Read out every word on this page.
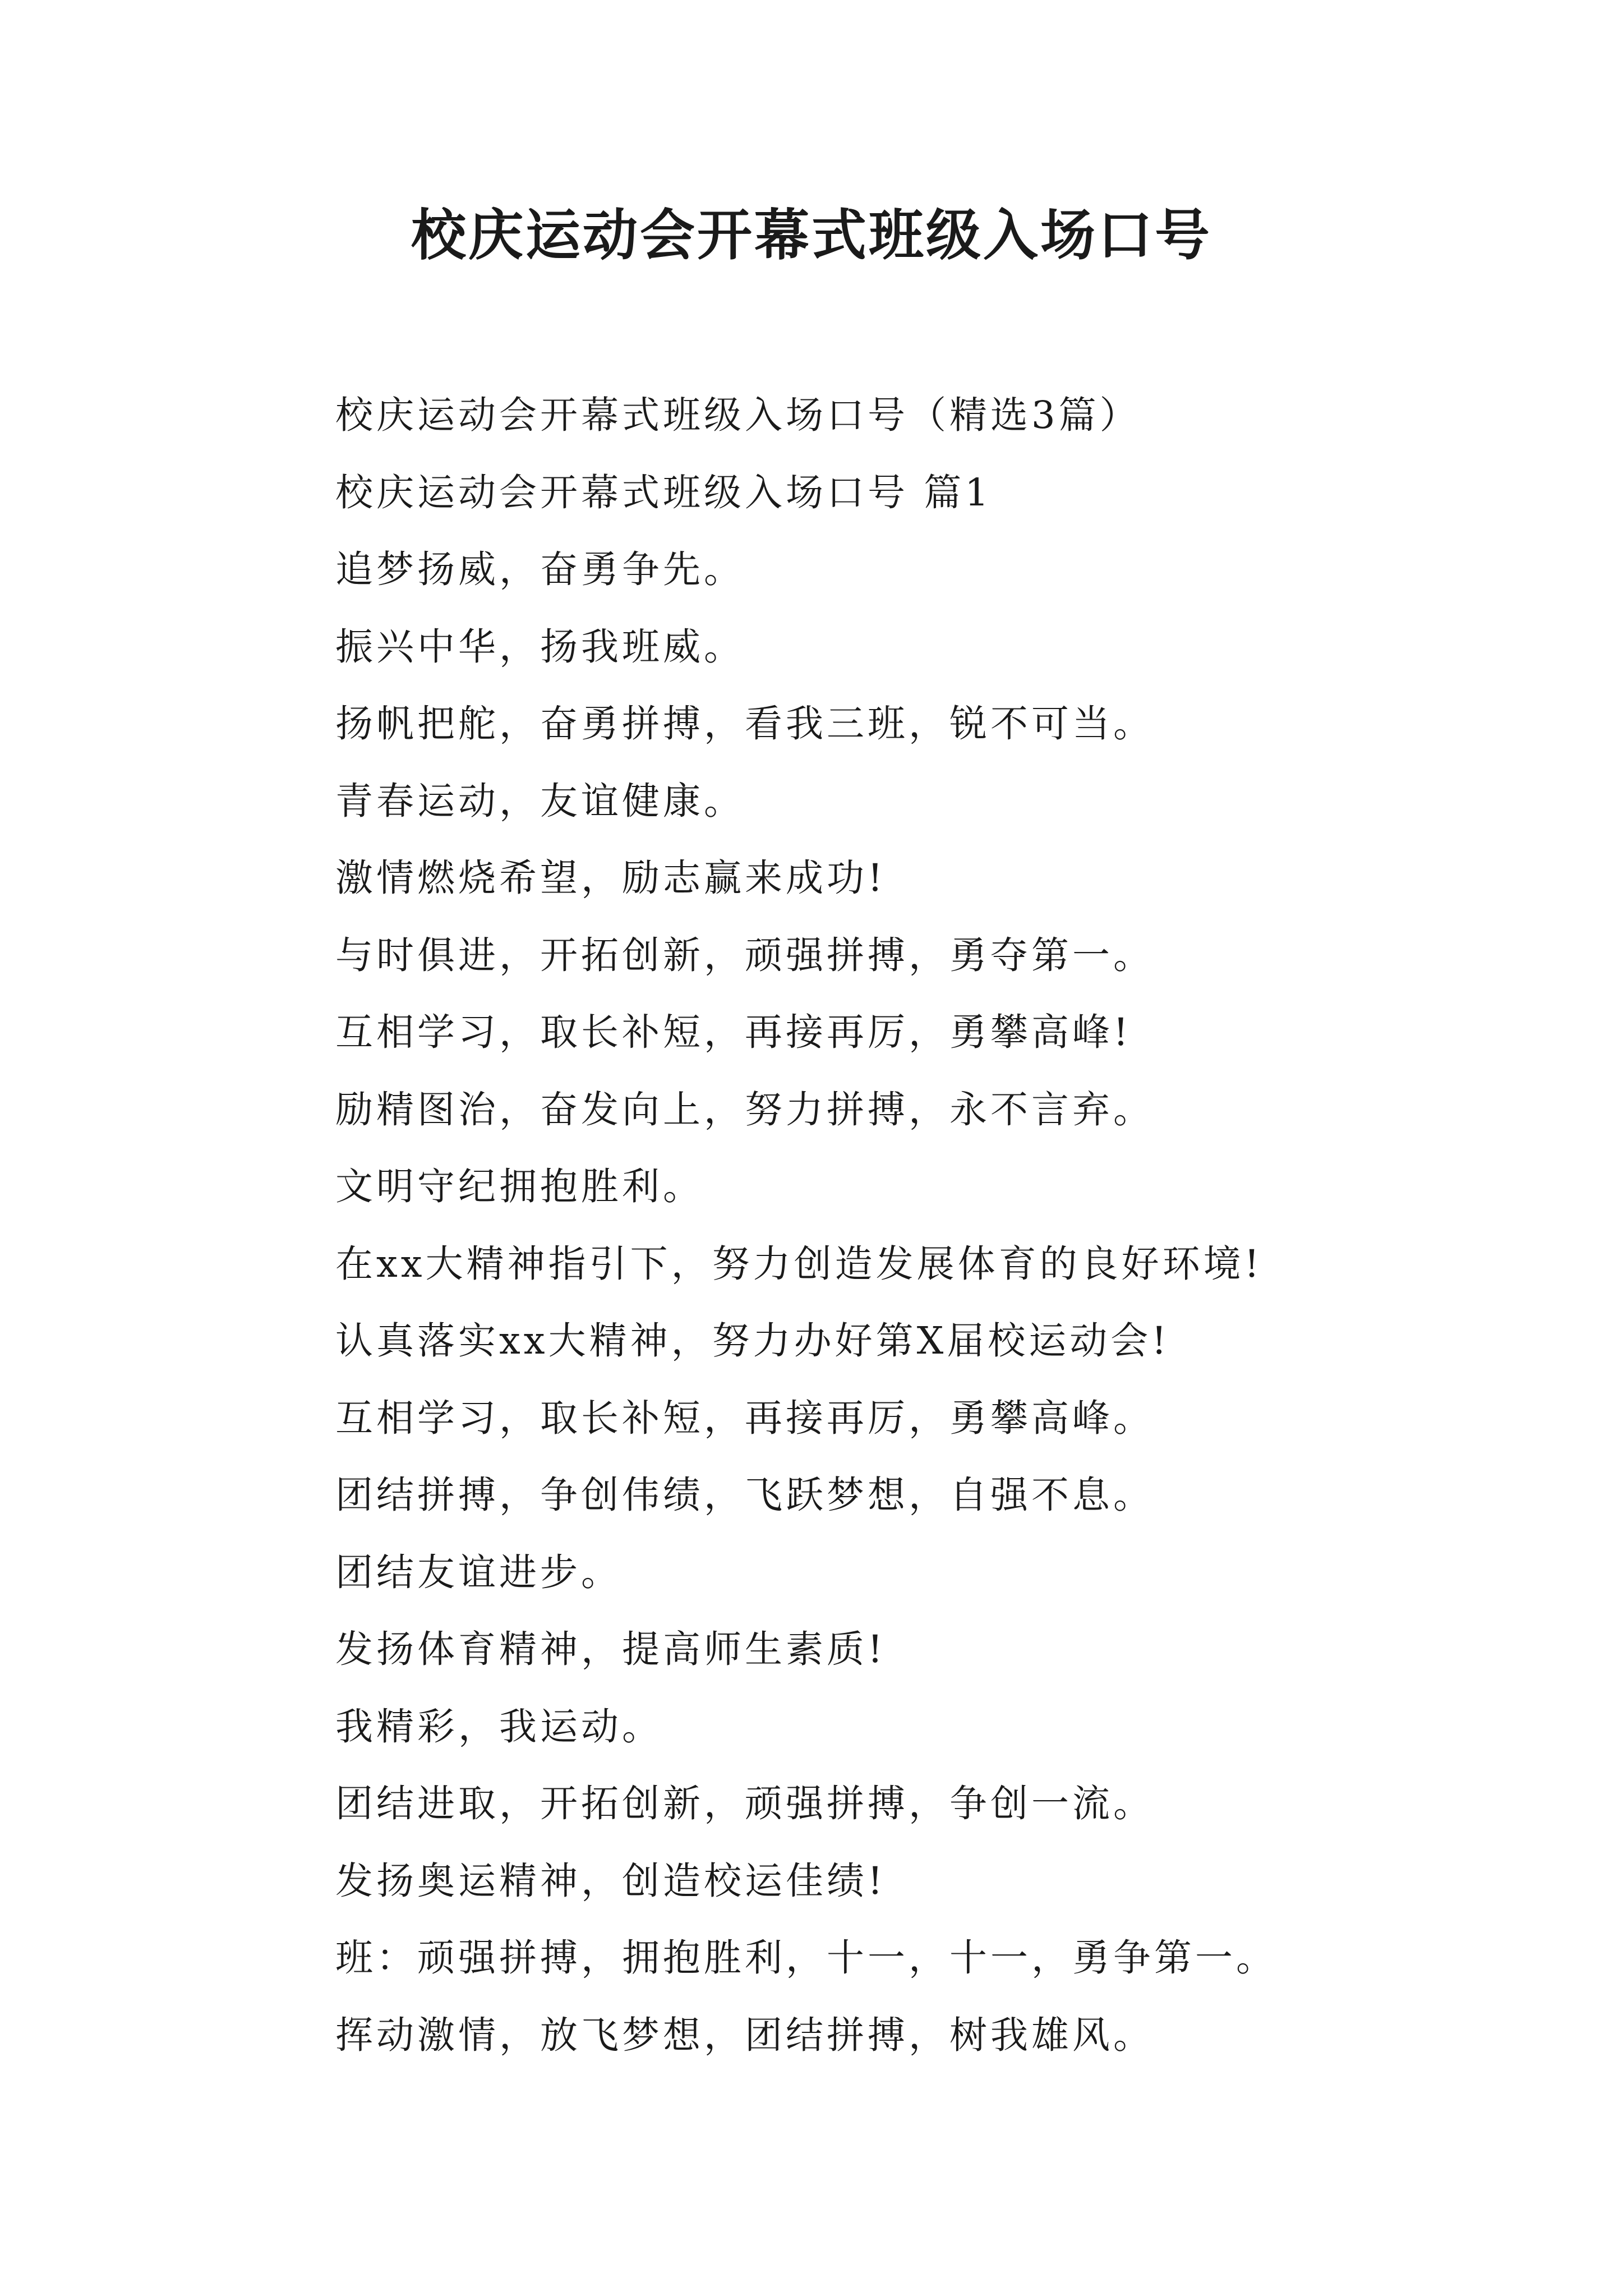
校庆运动会开幕式班级入场口号
校庆运动会开幕式班级入场口号（精选3篇）
校庆运动会开幕式班级入场口号 篇1
追梦扬威，奋勇争先。
振兴中华，扬我班威。
扬帆把舵，奋勇拼搏，看我三班，锐不可当。
青春运动，友谊健康。
激情燃烧希望，励志赢来成功!
与时俱进，开拓创新，顽强拼搏，勇夺第一。
互相学习，取长补短，再接再厉，勇攀高峰!
励精图治，奋发向上，努力拼搏，永不言弃。
文明守纪拥抱胜利。
在xx大精神指引下，努力创造发展体育的良好环境!
认真落实xx大精神，努力办好第X届校运动会!
互相学习，取长补短，再接再厉，勇攀高峰。
团结拼搏，争创伟绩，飞跃梦想，自强不息。
团结友谊进步。
发扬体育精神，提高师生素质!
我精彩，我运动。
团结进取，开拓创新，顽强拼搏，争创一流。
发扬奥运精神，创造校运佳绩!
班：顽强拼搏，拥抱胜利，十一，十一，勇争第一。
挥动激情，放飞梦想，团结拼搏，树我雄风。
